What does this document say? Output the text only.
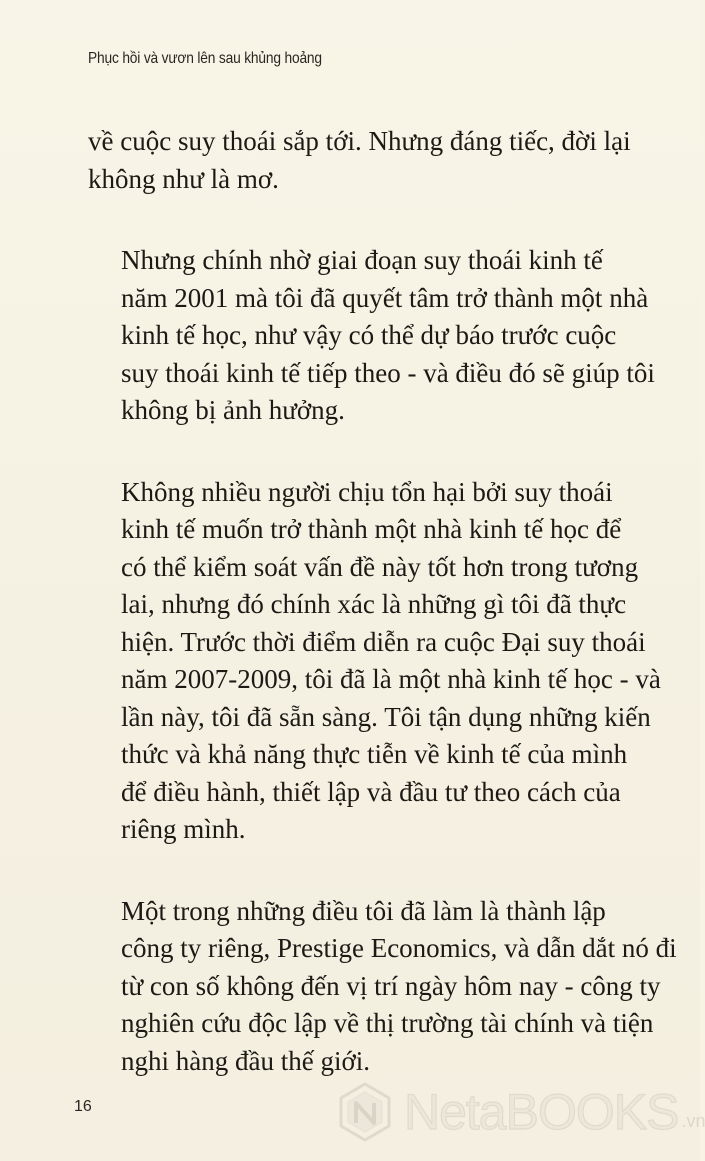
Phục hồi và vươn lên sau khủng hoảng
về cuộc suy thoái sắp tới. Nhưng đáng tiếc, đời lại
không như là mơ.
Nhưng chính nhờ giai đoạn suy thoái kinh tế
năm 2001 mà tôi đã quyết tâm trở thành một nhà
kinh tế học, như vậy có thể dự báo trước cuộc
suy thoái kinh tế tiếp theo - và điều đó sẽ giúp tôi
không bị ảnh hưởng.
Không nhiều người chịu tổn hại bởi suy thoái
kinh tế muốn trở thành một nhà kinh tế học để
có thể kiểm soát vấn đề này tốt hơn trong tương
lai, nhưng đó chính xác là những gì tôi đã thực
hiện. Trước thời điểm diễn ra cuộc Đại suy thoái
năm 2007-2009, tôi đã là một nhà kinh tế học - và
lần này, tôi đã sẵn sàng. Tôi tận dụng những kiến
thức và khả năng thực tiễn về kinh tế của mình
để điều hành, thiết lập và đầu tư theo cách của
riêng mình.
Một trong những điều tôi đã làm là thành lập
công ty riêng, Prestige Economics, và dẫn dắt nó đi
từ con số không đến vị trí ngày hôm nay - công ty
nghiên cứu độc lập về thị trường tài chính và tiện
nghi hàng đầu thế giới.
16	NetaBOOKS .vn
